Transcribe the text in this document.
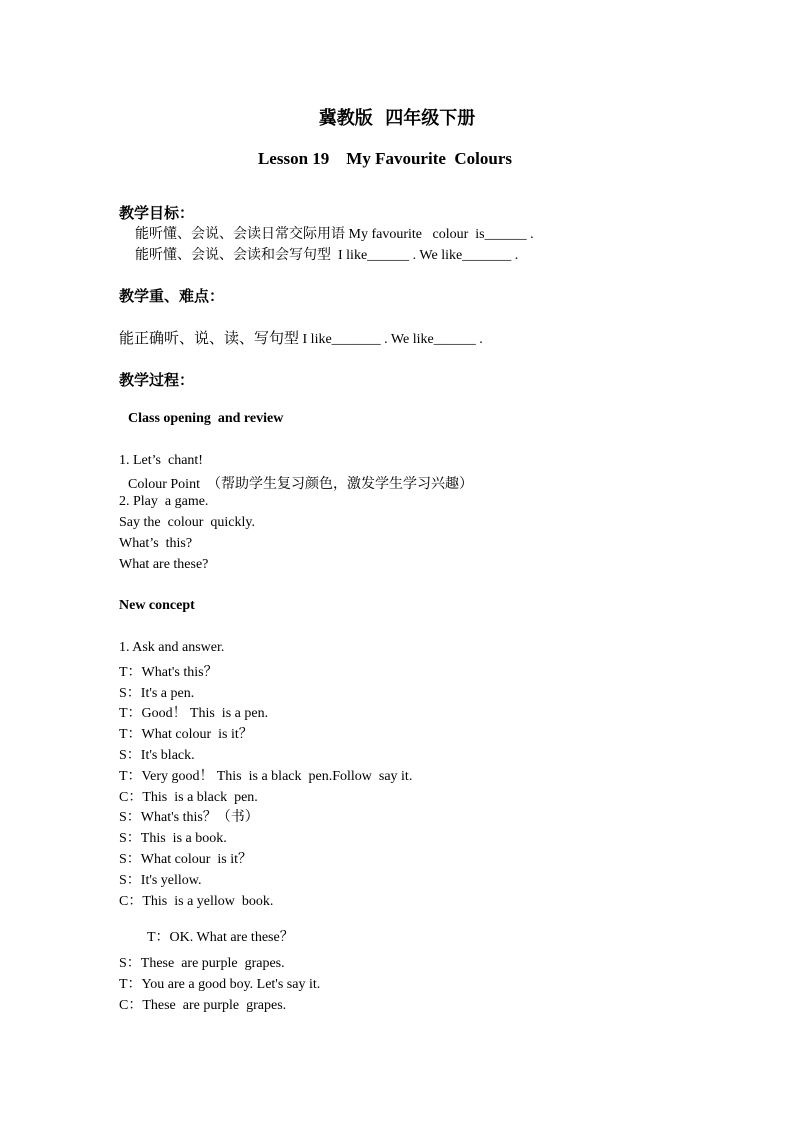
冀教版  四年级下册
Lesson 19    My Favourite  Colours
教学目标：
能听懂、会说、会读日常交际用语 My favourite   colour  is______ .
能听懂、会说、会读和会写句型  I like______ . We like_______ .
教学重、难点：
能正确听、说、读、写句型 I like_______ . We like______ .
教学过程：
Class opening  and review
1. Let’s  chant!
Colour Point  （帮助学生复习颜色，激发学生学习兴趣）
2. Play  a game.
Say the  colour  quickly.
What’s  this?
What are these?
New concept
1. Ask and answer.
T：What's this？
S：It's a pen.
T：Good！ This  is a pen.
T：What colour  is it？
S：It's black.
T：Very good！ This  is a black  pen.Follow  say it.
C：This  is a black  pen.
S：What's this？（书）
S：This  is a book.
S：What colour  is it？
S：It's yellow.
C：This  is a yellow  book.
T：OK. What are these？
S：These  are purple  grapes.
T：You are a good boy. Let's say it.
C：These  are purple  grapes.
